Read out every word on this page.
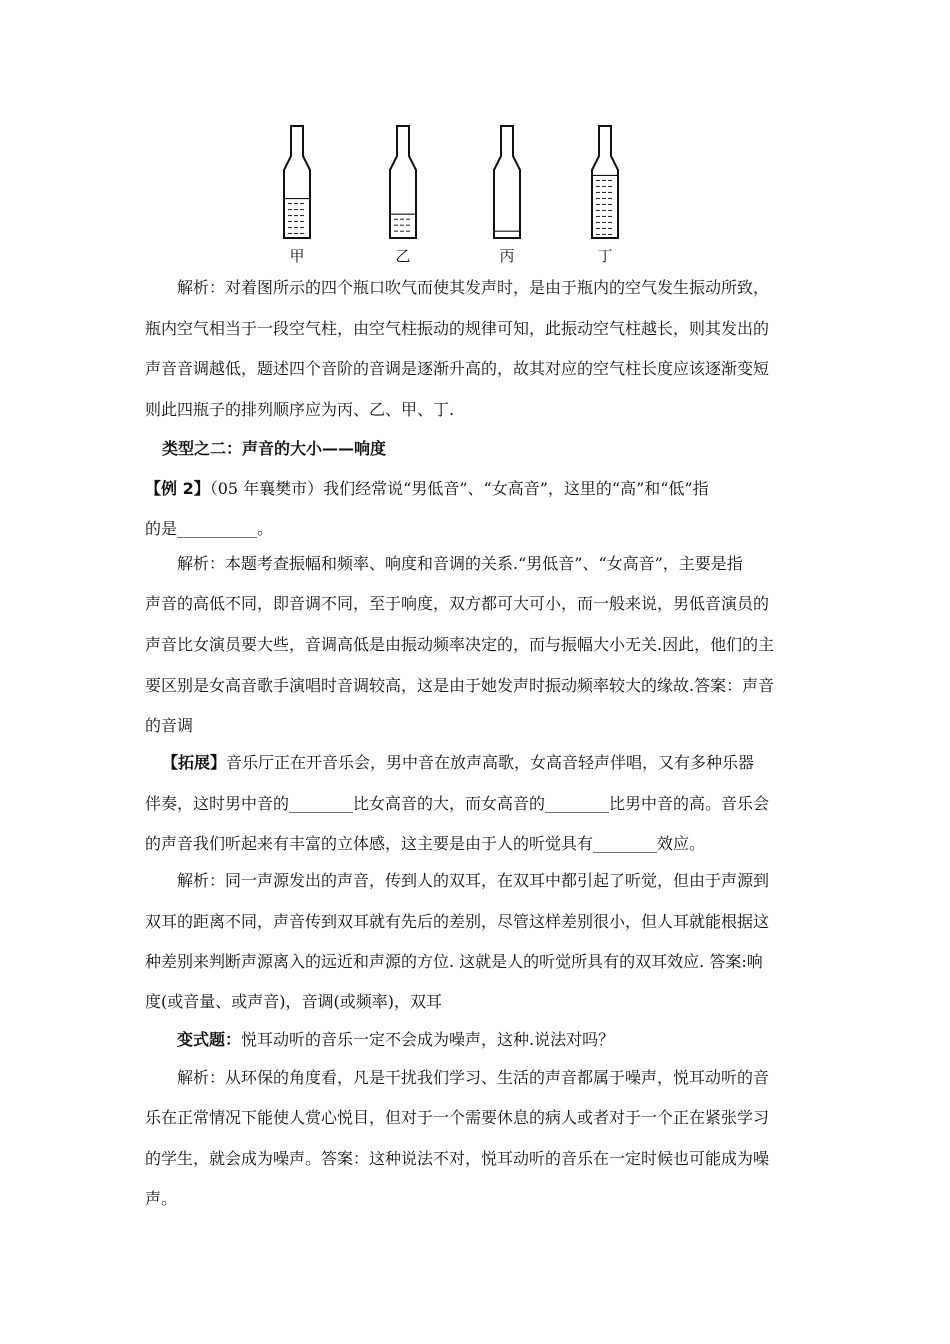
甲	乙	丙	丁
解析：对着图所示的四个瓶口吹气而使其发声时，是由于瓶内的空气发生振动所致，
瓶内空气相当于一段空气柱，由空气柱振动的规律可知，此振动空气柱越长，则其发出的
声音音调越低，题述四个音阶的音调是逐渐升高的，故其对应的空气柱长度应该逐渐变短
则此四瓶子的排列顺序应为丙、乙、甲、丁.
类型之二：声音的大小——响度
【例 2】（05 年襄樊市）我们经常说“男低音”、“女高音”，这里的“高”和“低”指
的是__________。
解析：本题考查振幅和频率、响度和音调的关系.“男低音”、“女高音”，主要是指
声音的高低不同，即音调不同，至于响度，双方都可大可小，而一般来说，男低音演员的
声音比女演员要大些，音调高低是由振动频率决定的，而与振幅大小无关.因此，他们的主
要区别是女高音歌手演唱时音调较高，这是由于她发声时振动频率较大的缘故.答案：声音
的音调
【拓展】音乐厅正在开音乐会，男中音在放声高歌，女高音轻声伴唱，又有多种乐器
伴奏，这时男中音的________比女高音的大，而女高音的________比男中音的高。音乐会
的声音我们听起来有丰富的立体感，这主要是由于人的听觉具有________效应。
解析：同一声源发出的声音，传到人的双耳，在双耳中都引起了听觉，但由于声源到
双耳的距离不同，声音传到双耳就有先后的差别，尽管这样差别很小，但人耳就能根据这
种差别来判断声源离入的远近和声源的方位. 这就是人的听觉所具有的双耳效应. 答案:响
度(或音量、或声音)，音调(或频率)，双耳
变式题：悦耳动听的音乐一定不会成为噪声，这种.说法对吗？
解析：从环保的角度看，凡是干扰我们学习、生活的声音都属于噪声，悦耳动听的音
乐在正常情况下能使人赏心悦目，但对于一个需要休息的病人或者对于一个正在紧张学习
的学生，就会成为噪声。答案：这种说法不对，悦耳动听的音乐在一定时候也可能成为噪
声。
